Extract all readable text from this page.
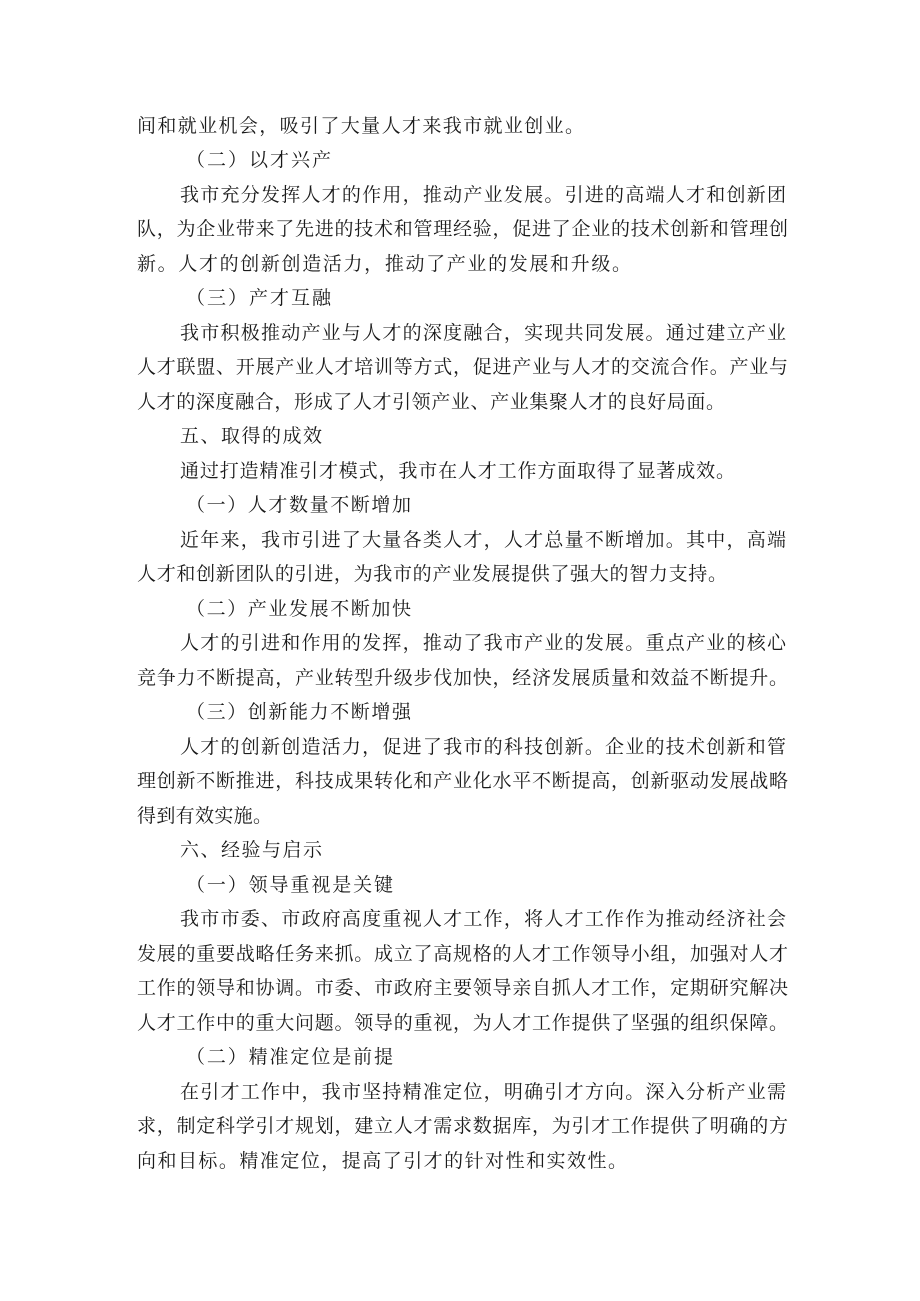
间和就业机会，吸引了大量人才来我市就业创业。
（二）以才兴产
我市充分发挥人才的作用，推动产业发展。引进的高端人才和创新团
队，为企业带来了先进的技术和管理经验，促进了企业的技术创新和管理创
新。人才的创新创造活力，推动了产业的发展和升级。
（三）产才互融
我市积极推动产业与人才的深度融合，实现共同发展。通过建立产业
人才联盟、开展产业人才培训等方式，促进产业与人才的交流合作。产业与
人才的深度融合，形成了人才引领产业、产业集聚人才的良好局面。
五、取得的成效
通过打造精准引才模式，我市在人才工作方面取得了显著成效。
（一）人才数量不断增加
近年来，我市引进了大量各类人才，人才总量不断增加。其中，高端
人才和创新团队的引进，为我市的产业发展提供了强大的智力支持。
（二）产业发展不断加快
人才的引进和作用的发挥，推动了我市产业的发展。重点产业的核心
竞争力不断提高，产业转型升级步伐加快，经济发展质量和效益不断提升。
（三）创新能力不断增强
人才的创新创造活力，促进了我市的科技创新。企业的技术创新和管
理创新不断推进，科技成果转化和产业化水平不断提高，创新驱动发展战略
得到有效实施。
六、经验与启示
（一）领导重视是关键
我市市委、市政府高度重视人才工作，将人才工作作为推动经济社会
发展的重要战略任务来抓。成立了高规格的人才工作领导小组，加强对人才
工作的领导和协调。市委、市政府主要领导亲自抓人才工作，定期研究解决
人才工作中的重大问题。领导的重视，为人才工作提供了坚强的组织保障。
（二）精准定位是前提
在引才工作中，我市坚持精准定位，明确引才方向。深入分析产业需
求，制定科学引才规划，建立人才需求数据库，为引才工作提供了明确的方
向和目标。精准定位，提高了引才的针对性和实效性。
